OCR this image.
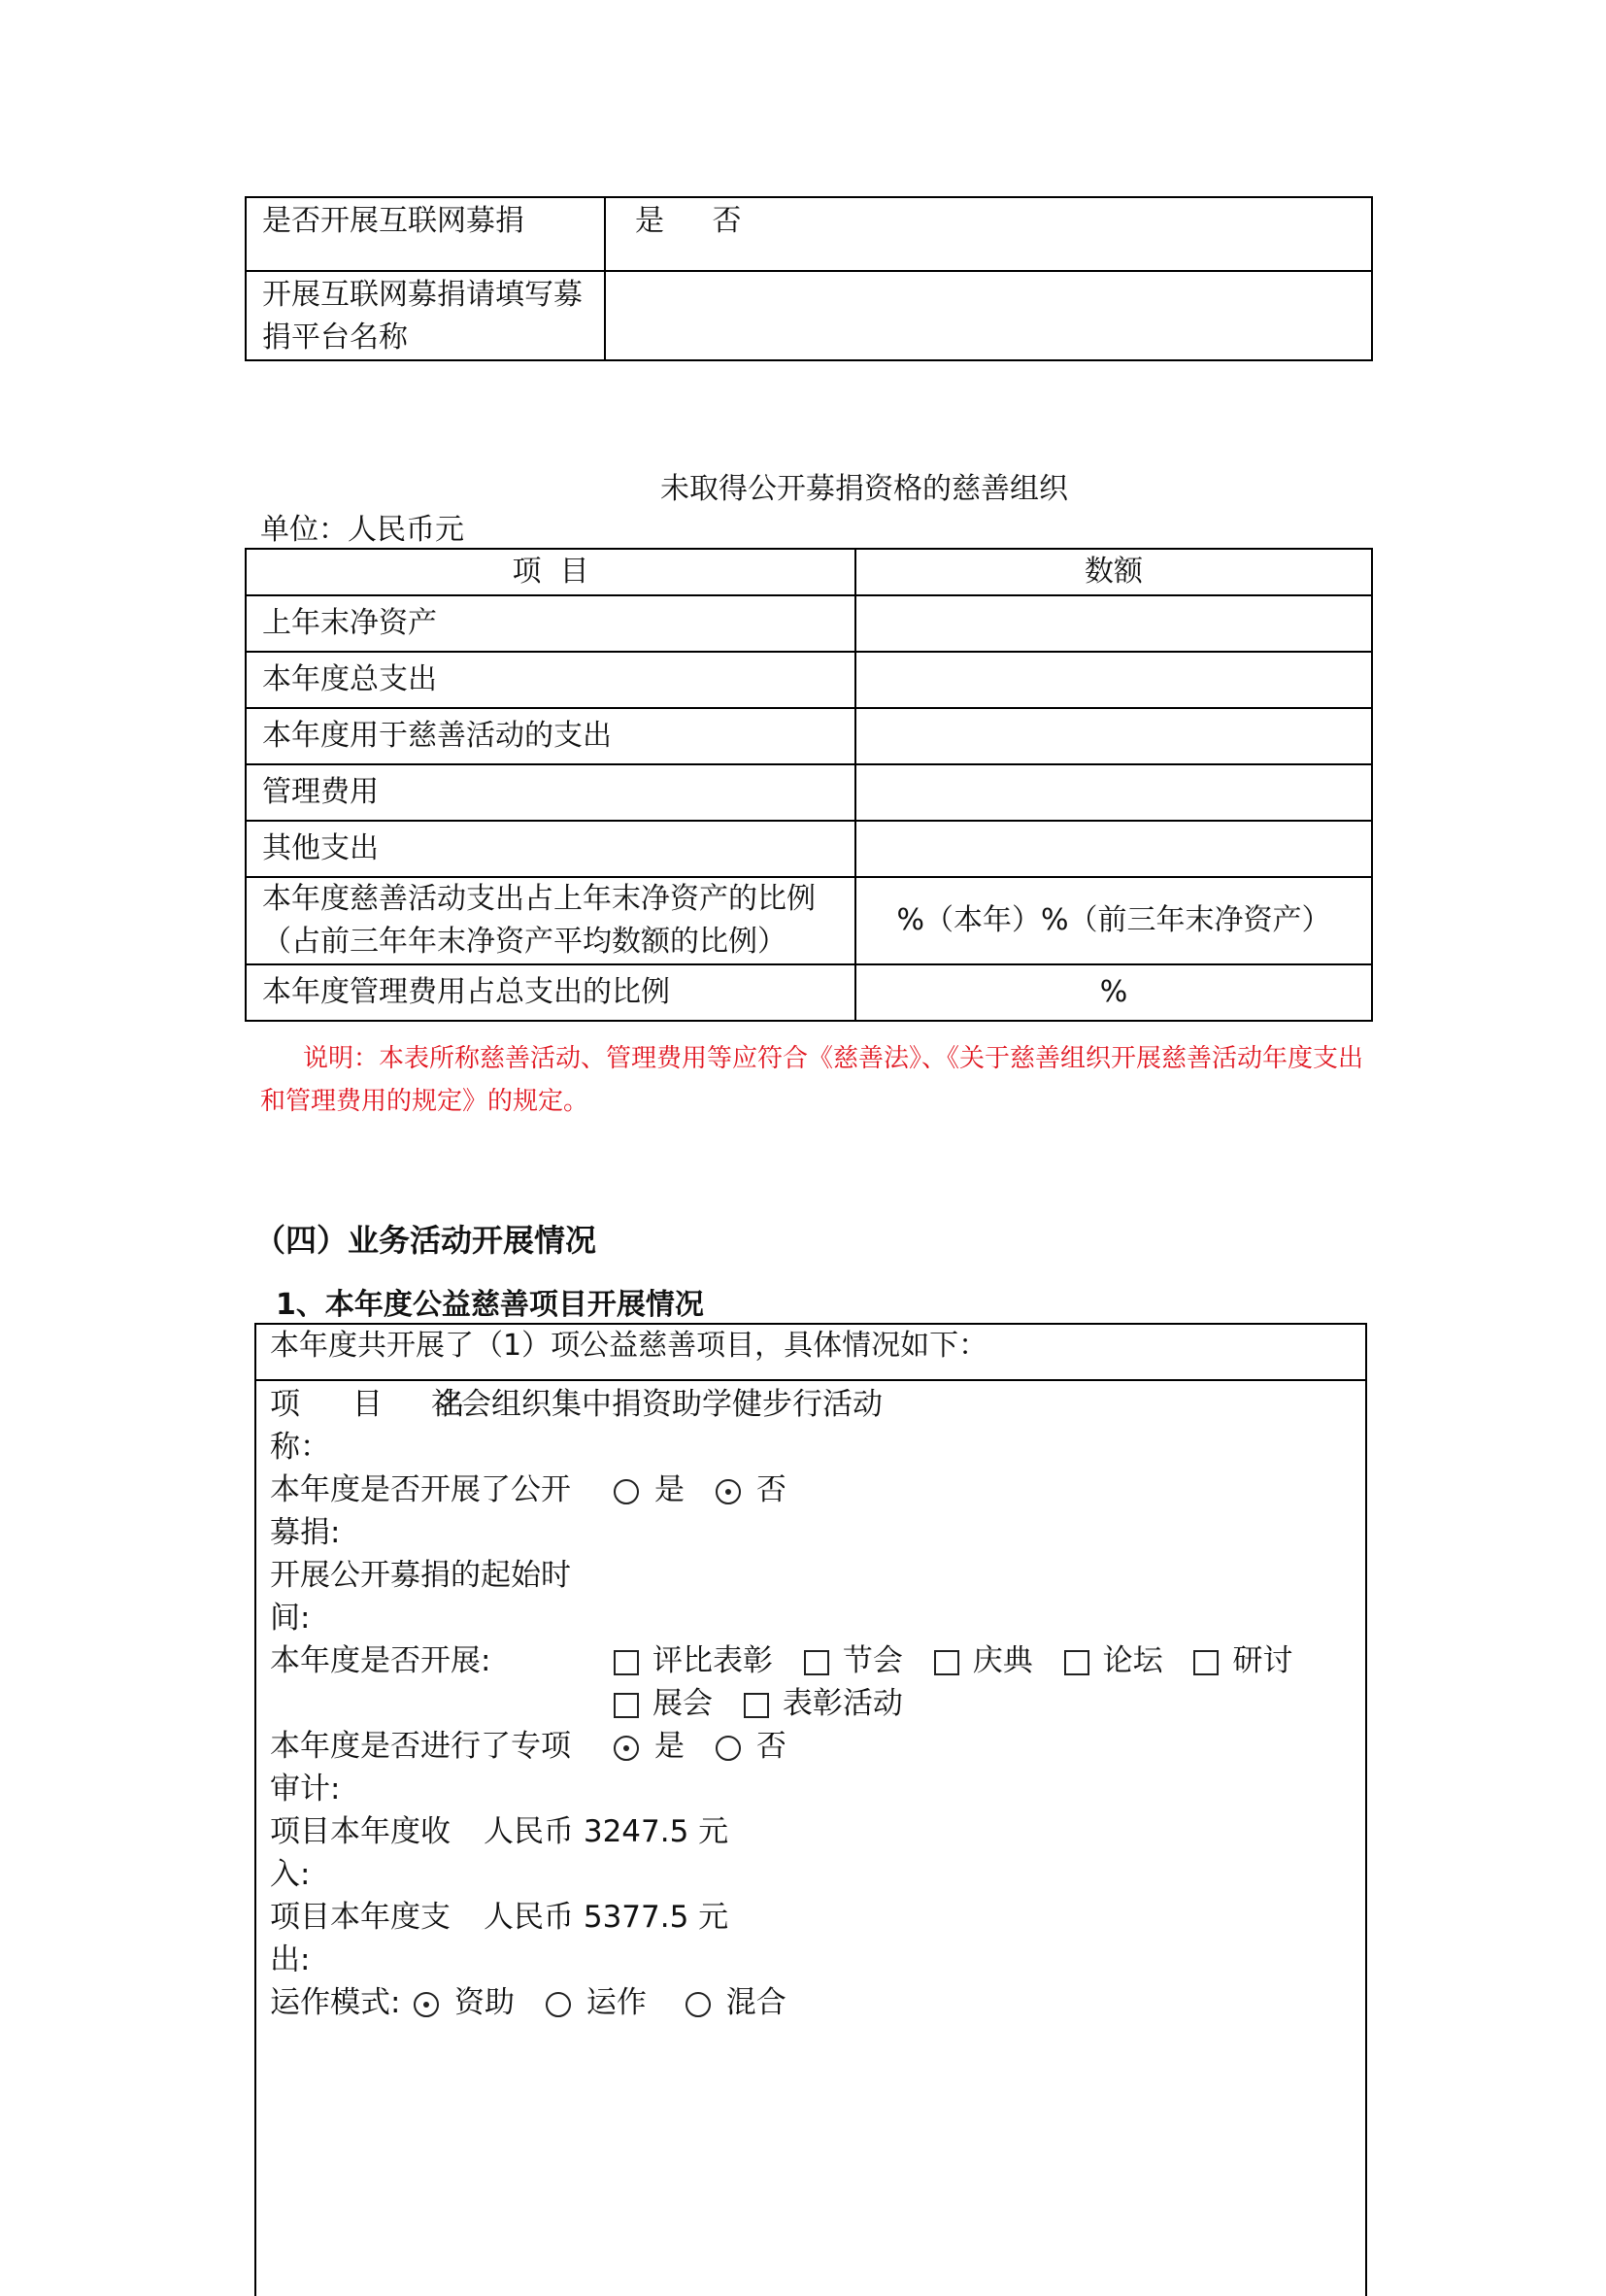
是否开展互联网募捐	是 否

开展互联网募捐请填写募
捐平台名称	

未取得公开募捐资格的慈善组织
单位：人民币元
项  目	数额
上年末净资产	
本年度总支出	
本年度用于慈善活动的支出	
管理费用	
其他支出	

本年度慈善活动支出占上年末净资产的比例
（占前三年年末净资产平均数额的比例）	%（本年）%（前三年末净资产）
本年度管理费用占总支出的比例	%
说明：本表所称慈善活动、管理费用等应符合《慈善法》、《关于慈善组织开展慈善活动年度支出和管理费用的规定》的规定。
（四）业务活动开展情况
1、本年度公益慈善项目开展情况
本年度共开展了（1）项公益慈善项目，具体情况如下：
项 目 名
称：
社会组织集中捐资助学健步行活动
本年度是否开展了公开
募捐:
是 否
开展公开募捐的起始时
间:
本年度是否开展:	评比表彰 节会 庆典 论坛 研讨 展会 表彰活动
本年度是否进行了专项
审计:
是 否
项目本年度收
入:
人民币 3247.5 元
项目本年度支
出:
人民币 5377.5 元
运作模式:	资助 运作	混合
